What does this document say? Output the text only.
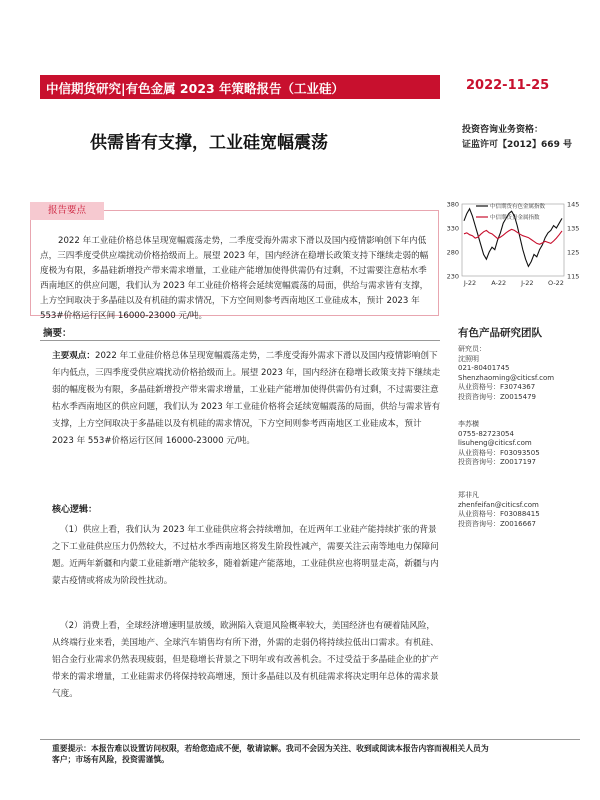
中信期货研究|有色金属 2023 年策略报告（工业硅）	2022-11-25
供需皆有支撑，工业硅宽幅震荡
投资咨询业务资格：
证监许可【2012】669 号
报告要点
2022 年工业硅价格总体呈现宽幅震荡走势，二季度受海外需求下滑以及国内疫情影响创下年内低点，三四季度受供应端扰动价格拾级而上。展望 2023 年，国内经济在稳增长政策支持下继续走弱的幅度极为有限，多晶硅新增投产带来需求增量，工业硅产能增加使得供需仍有过剩，不过需要注意枯水季西南地区的供应问题，我们认为 2023 年工业硅价格将会延续宽幅震荡的局面，供给与需求皆有支撑，上方空间取决于多晶硅以及有机硅的需求情况，下方空间则参考西南地区工业硅成本，预计 2023 年 553#价格运行区间 16000-23000 元/吨。
230
280
330
380
115
125
135
145
J-22 A-22 J-22 O-22
中信期货有色金属指数
中信期货贵金属指数
摘要：
主要观点：2022 年工业硅价格总体呈现宽幅震荡走势，二季度受海外需求下滑以及国内疫情影响创下年内低点，三四季度受供应端扰动价格拾级而上。展望 2023 年，国内经济在稳增长政策支持下继续走弱的幅度极为有限，多晶硅新增投产带来需求增量，工业硅产能增加使得供需仍有过剩，不过需要注意枯水季西南地区的供应问题，我们认为 2023 年工业硅价格将会延续宽幅震荡的局面，供给与需求皆有支撑，上方空间取决于多晶硅以及有机硅的需求情况，下方空间则参考西南地区工业硅成本，预计 2023 年 553#价格运行区间 16000-23000 元/吨。
核心逻辑：
（1）供应上看，我们认为 2023 年工业硅供应将会持续增加，在近两年工业硅产能持续扩张的背景之下工业硅供应压力仍然较大，不过枯水季西南地区将发生阶段性减产，需要关注云南等地电力保障问题。近两年新疆和内蒙工业硅新增产能较多，随着新建产能落地，工业硅供应也将明显走高，新疆与内蒙古疫情或将成为阶段性扰动。
（2）消费上看，全球经济增速明显放缓，欧洲陷入衰退风险概率较大，美国经济也有硬着陆风险，从终端行业来看，美国地产、全球汽车销售均有所下滑，外需的走弱仍将持续拉低出口需求。有机硅、铝合金行业需求仍然表现疲弱，但是稳增长背景之下明年或有改善机会。不过受益于多晶硅企业的扩产带来的需求增量，工业硅需求仍将保持较高增速，预计多晶硅以及有机硅需求将决定明年总体的需求景气度。
有色产品研究团队
研究员：
沈照明
021-80401745
Shenzhaoming@citicsf.com
从业资格号：F3074367
投资咨询号：Z0015479
李苏横
0755-82723054
lisuheng@citicsf.com
从业资格号：F03093505
投资咨询号：Z0017197
郑非凡
zhenfeifan@citicsf.com
从业资格号：F03088415
投资咨询号：Z0016667
重要提示：本报告难以设置访问权限，若给您造成不便，敬请谅解。我司不会因为关注、收到或阅读本报告内容而视相关人员为
客户；市场有风险，投资需谨慎。
